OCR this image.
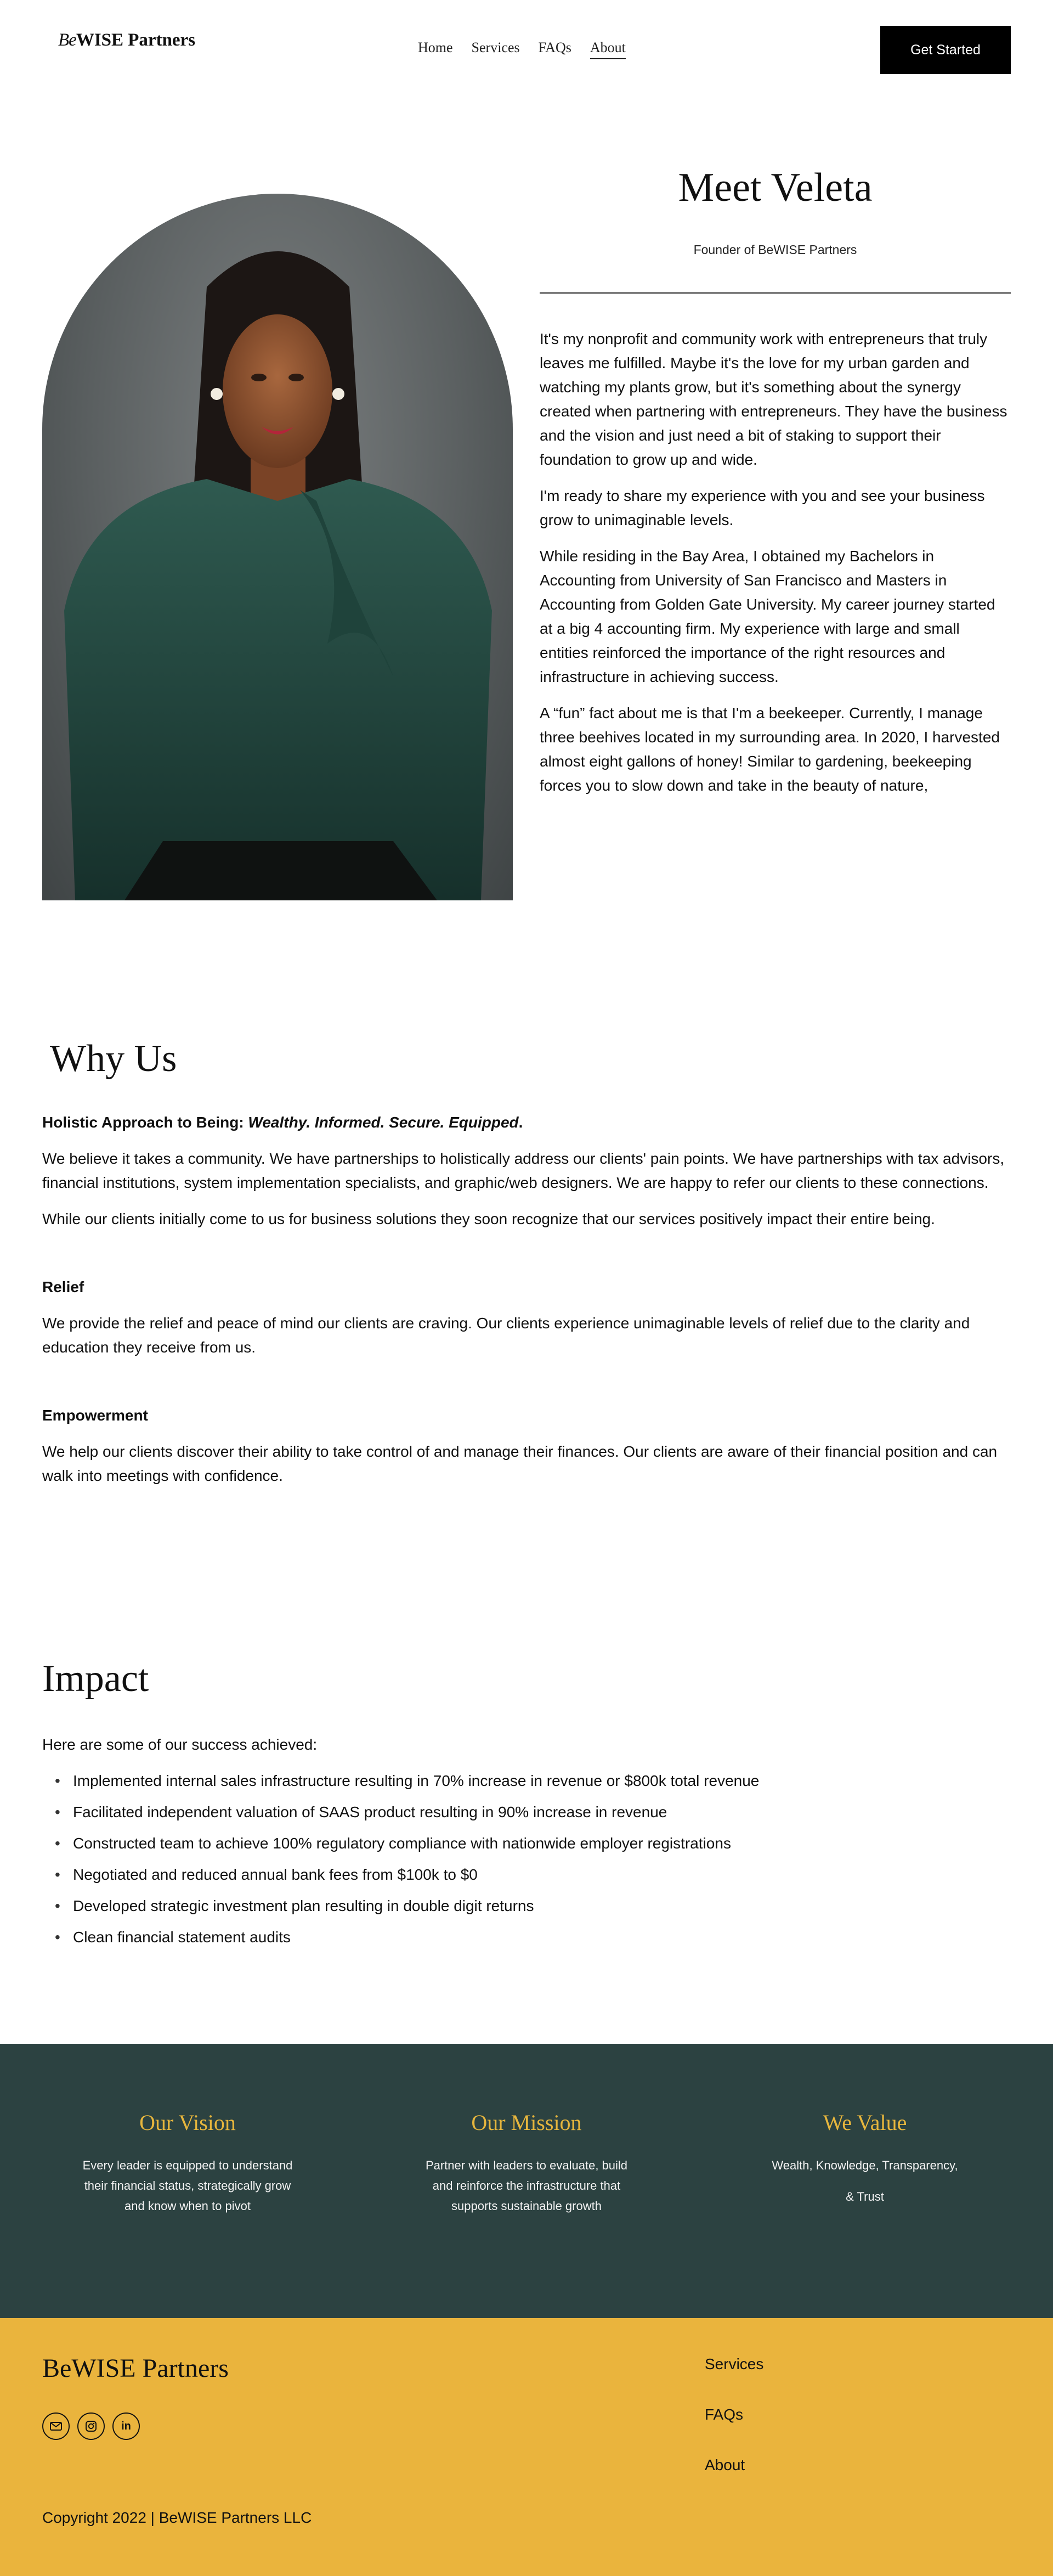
BeWISE Partners	Home Services FAQs About	Get Started
Meet Veleta
Founder of BeWISE Partners

It's my nonprofit and community work with entrepreneurs that truly leaves me fulfilled. Maybe it's the love for my urban garden and watching my plants grow, but it's something about the synergy created when partnering with entrepreneurs. They have the business and the vision and just need a bit of staking to support their foundation to grow up and wide.

I'm ready to share my experience with you and see your business grow to unimaginable levels.

While residing in the Bay Area, I obtained my Bachelors in Accounting from University of San Francisco and Masters in Accounting from Golden Gate University. My career journey started at a big 4 accounting firm. My experience with large and small entities reinforced the importance of the right resources and infrastructure in achieving success.

A “fun” fact about me is that I'm a beekeeper. Currently, I manage three beehives located in my surrounding area. In 2020, I harvested almost eight gallons of honey! Similar to gardening, beekeeping forces you to slow down and take in the beauty of nature,

Why Us

Holistic Approach to Being: Wealthy. Informed. Secure. Equipped.

We believe it takes a community. We have partnerships to holistically address our clients' pain points. We have partnerships with tax advisors, financial institutions, system implementation specialists, and graphic/web designers. We are happy to refer our clients to these connections.

While our clients initially come to us for business solutions they soon recognize that our services positively impact their entire being.

Relief

We provide the relief and peace of mind our clients are craving. Our clients experience unimaginable levels of relief due to the clarity and education they receive from us.

Empowerment

We help our clients discover their ability to take control of and manage their finances. Our clients are aware of their financial position and can walk into meetings with confidence.

Impact

Here are some of our success achieved:

• Implemented internal sales infrastructure resulting in 70% increase in revenue or $800k total revenue
• Facilitated independent valuation of SAAS product resulting in 90% increase in revenue
• Constructed team to achieve 100% regulatory compliance with nationwide employer registrations
• Negotiated and reduced annual bank fees from $100k to $0
• Developed strategic investment plan resulting in double digit returns
• Clean financial statement audits
Our Vision
Every leader is equipped to understand their financial status, strategically grow and know when to pivot
Our Mission
Partner with leaders to evaluate, build and reinforce the infrastructure that supports sustainable growth
We Value
Wealth, Knowledge, Transparency,
& Trust
BeWISE Partners
in
Services
FAQs
About
Copyright 2022 | BeWISE Partners LLC
